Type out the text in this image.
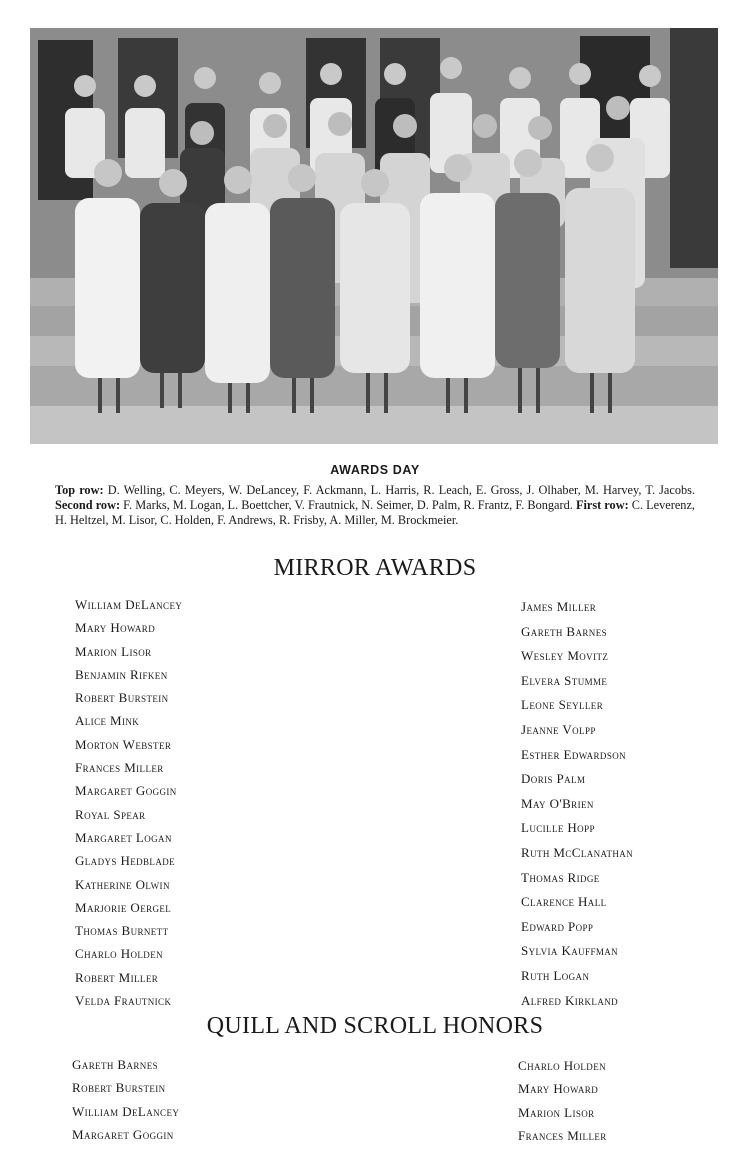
AWARDS DAY
Top row: D. Welling, C. Meyers, W. DeLancey, F. Ackmann, L. Harris, R. Leach, E. Gross, J. Olhaber, M. Harvey, T. Jacobs. Second row: F. Marks, M. Logan, L. Boettcher, V. Frautnick, N. Seimer, D. Palm, R. Frantz, F. Bongard. First row: C. Leverenz, H. Heltzel, M. Lisor, C. Holden, F. Andrews, R. Frisby, A. Miller, M. Brockmeier.
MIRROR AWARDS
William DeLancey
Mary Howard
Marion Lisor
Benjamin Rifken
Robert Burstein
Alice Mink
Morton Webster
Frances Miller
Margaret Goggin
Royal Spear
Margaret Logan
Gladys Hedblade
Katherine Olwin
Marjorie Oergel
Thomas Burnett
Charlo Holden
Robert Miller
Velda Frautnick
James Miller
Gareth Barnes
Wesley Movitz
Elvera Stumme
Leone Seyller
Jeanne Volpp
Esther Edwardson
Doris Palm
May O'Brien
Lucille Hopp
Ruth McClanathan
Thomas Ridge
Clarence Hall
Edward Popp
Sylvia Kauffman
Ruth Logan
Alfred Kirkland
QUILL AND SCROLL HONORS
Gareth Barnes
Robert Burstein
William DeLancey
Margaret Goggin
Charlo Holden
Mary Howard
Marion Lisor
Frances Miller
